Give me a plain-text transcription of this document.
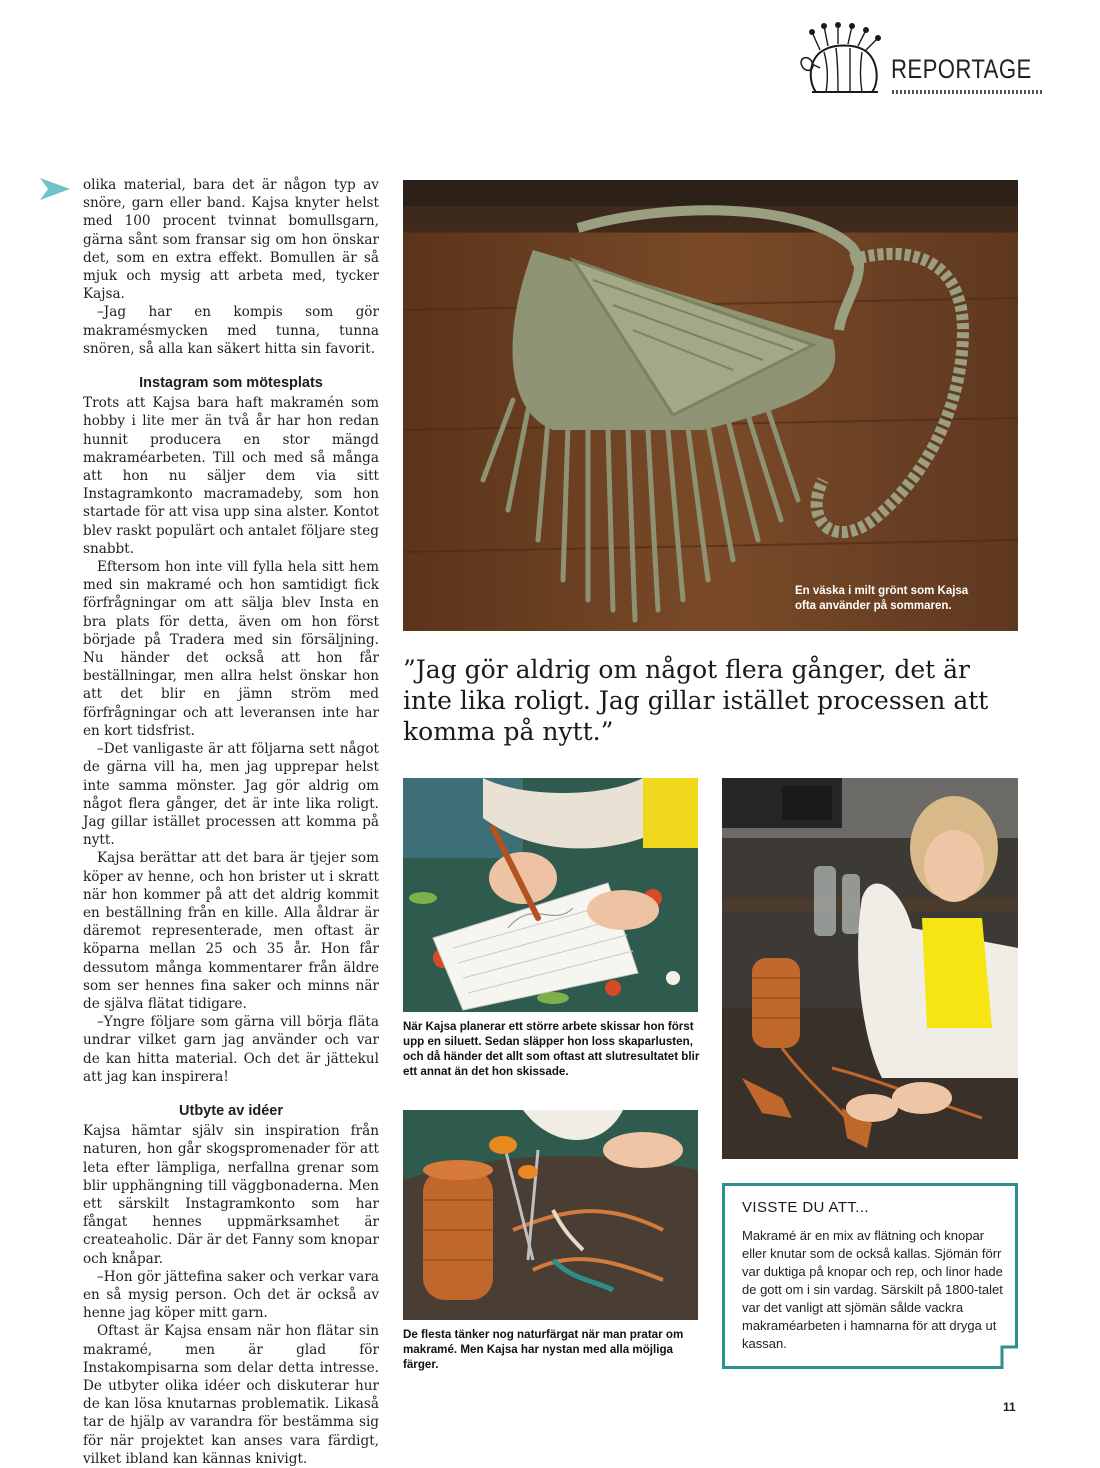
REPORTAGE

olika material, bara det är någon typ av snöre, garn eller band. Kajsa knyter helst med 100 procent tvinnat bomullsgarn, gärna sånt som fransar sig om hon önskar det, som en extra effekt. Bomullen är så mjuk och mysig att arbeta med, tycker Kajsa.

–Jag har en kompis som gör makramésmycken med tunna, tunna snören, så alla kan säkert hitta sin favorit.

Instagram som mötesplats

Trots att Kajsa bara haft makramén som hobby i lite mer än två år har hon redan hunnit producera en stor mängd makraméarbeten. Till och med så många att hon nu säljer dem via sitt Instagramkonto macramadeby, som hon startade för att visa upp sina alster. Kontot blev raskt populärt och antalet följare steg snabbt.

Eftersom hon inte vill fylla hela sitt hem med sin makramé och hon samtidigt fick förfrågningar om att sälja blev Insta en bra plats för detta, även om hon först började på Tradera med sin försäljning. Nu händer det också att hon får beställningar, men allra helst önskar hon att det blir en jämn ström med förfrågningar och att leveransen inte har en kort tidsfrist.

–Det vanligaste är att följarna sett något de gärna vill ha, men jag upprepar helst inte samma mönster. Jag gör aldrig om något flera gånger, det är inte lika roligt. Jag gillar istället processen att komma på nytt.

Kajsa berättar att det bara är tjejer som köper av henne, och hon brister ut i skratt när hon kommer på att det aldrig kommit en beställning från en kille. Alla åldrar är däremot representerade, men oftast är köparna mellan 25 och 35 år. Hon får dessutom många kommentarer från äldre som ser hennes fina saker och minns när de själva flätat tidigare.

–Yngre följare som gärna vill börja fläta undrar vilket garn jag använder och var de kan hitta material. Och det är jättekul att jag kan inspirera!

Utbyte av idéer

Kajsa hämtar själv sin inspiration från naturen, hon går skogspromenader för att leta efter lämpliga, nerfallna grenar som blir upphängning till väggbonaderna. Men ett särskilt Instagramkonto som har fångat hennes uppmärksamhet är createaholic. Där är det Fanny som knopar och knåpar.

–Hon gör jättefina saker och verkar vara en så mysig person. Och det är också av henne jag köper mitt garn.

Oftast är Kajsa ensam när hon flätar sin makramé, men är glad för Instakompisarna som delar detta intresse. De utbyter olika idéer och diskuterar hur de kan lösa knutarnas problematik. Likaså tar de hjälp av varandra för bestämma sig för när projektet kan anses vara färdigt, vilket ibland kan kännas knivigt.

En väska i milt grönt som Kajsa ofta använder på sommaren.
”Jag gör aldrig om något flera gånger, det är inte lika roligt. Jag gillar istället processen att komma på nytt.”
När Kajsa planerar ett större arbete skissar hon först upp en siluett. Sedan släpper hon loss skaparlusten, och då händer det allt som oftast att slutresultatet blir ett annat än det hon skissade.
De flesta tänker nog naturfärgat när man pratar om makramé. Men Kajsa har nystan med alla möjliga färger.
VISSTE DU ATT...
Makramé är en mix av flätning och knopar eller knutar som de också kallas. Sjömän förr var duktiga på knopar och rep, och linor hade de gott om i sin vardag. Särskilt på 1800-talet var det vanligt att sjömän sålde vackra makraméarbeten i hamnarna för att dryga ut kassan.
11
